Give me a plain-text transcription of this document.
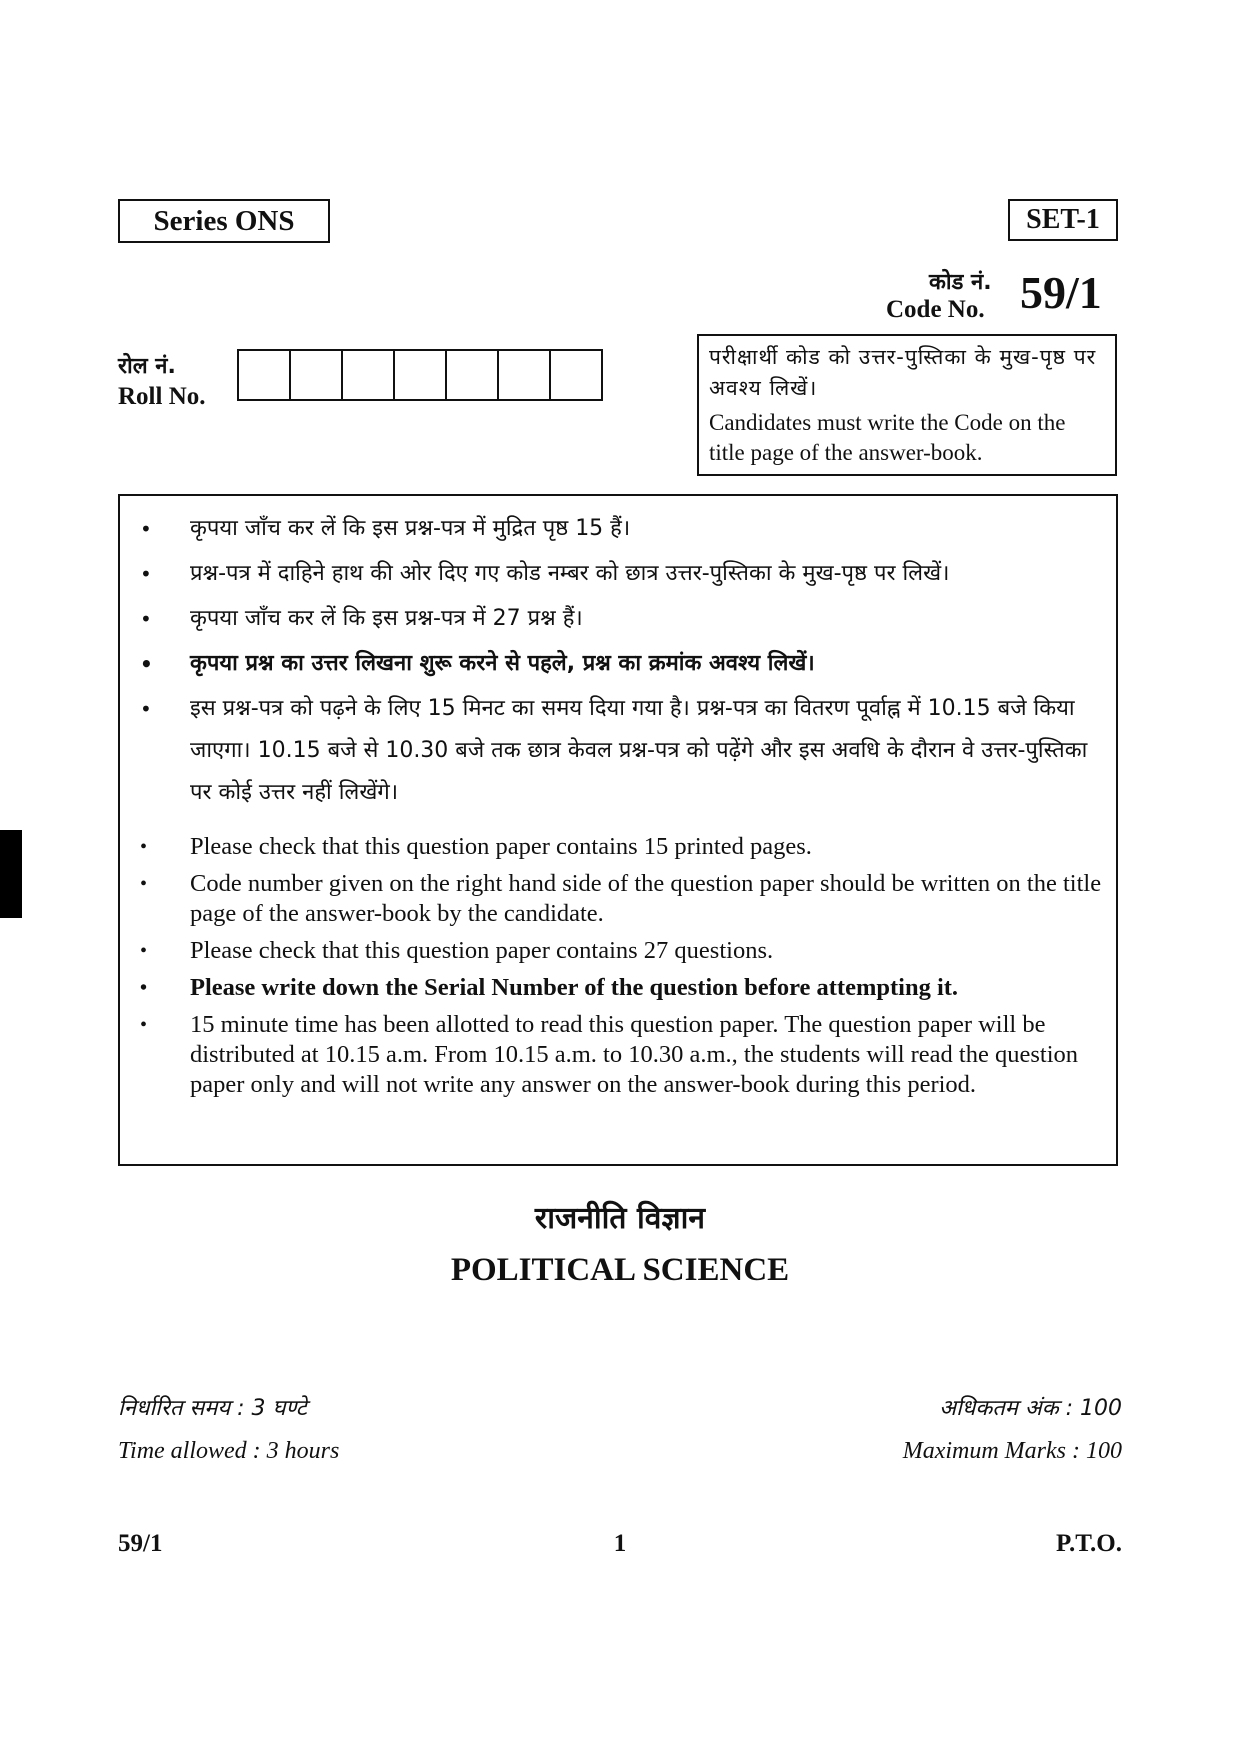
Series ONS	SET-1
कोड नं.
Code No. 59/1
रोल नं.
Roll No.
परीक्षार्थी कोड को उत्तर-पुस्तिका के मुख-पृष्ठ पर अवश्य लिखें।
Candidates must write the Code on the title page of the answer-book.
• कृपया जाँच कर लें कि इस प्रश्न-पत्र में मुद्रित पृष्ठ 15 हैं।
• प्रश्न-पत्र में दाहिने हाथ की ओर दिए गए कोड नम्बर को छात्र उत्तर-पुस्तिका के मुख-पृष्ठ पर लिखें।
• कृपया जाँच कर लें कि इस प्रश्न-पत्र में 27 प्रश्न हैं।
• कृपया प्रश्न का उत्तर लिखना शुरू करने से पहले, प्रश्न का क्रमांक अवश्य लिखें।
• इस प्रश्न-पत्र को पढ़ने के लिए 15 मिनट का समय दिया गया है। प्रश्न-पत्र का वितरण पूर्वाह्न में 10.15 बजे किया जाएगा। 10.15 बजे से 10.30 बजे तक छात्र केवल प्रश्न-पत्र को पढ़ेंगे और इस अवधि के दौरान वे उत्तर-पुस्तिका पर कोई उत्तर नहीं लिखेंगे।
• Please check that this question paper contains 15 printed pages.
• Code number given on the right hand side of the question paper should be written on the title page of the answer-book by the candidate.
• Please check that this question paper contains 27 questions.
• Please write down the Serial Number of the question before attempting it.
• 15 minute time has been allotted to read this question paper. The question paper will be distributed at 10.15 a.m. From 10.15 a.m. to 10.30 a.m., the students will read the question paper only and will not write any answer on the answer-book during this period.
राजनीति विज्ञान
POLITICAL SCIENCE
निर्धारित समय : 3 घण्टे
Time allowed : 3 hours
अधिकतम अंक : 100
Maximum Marks : 100
59/1	1	P.T.O.
